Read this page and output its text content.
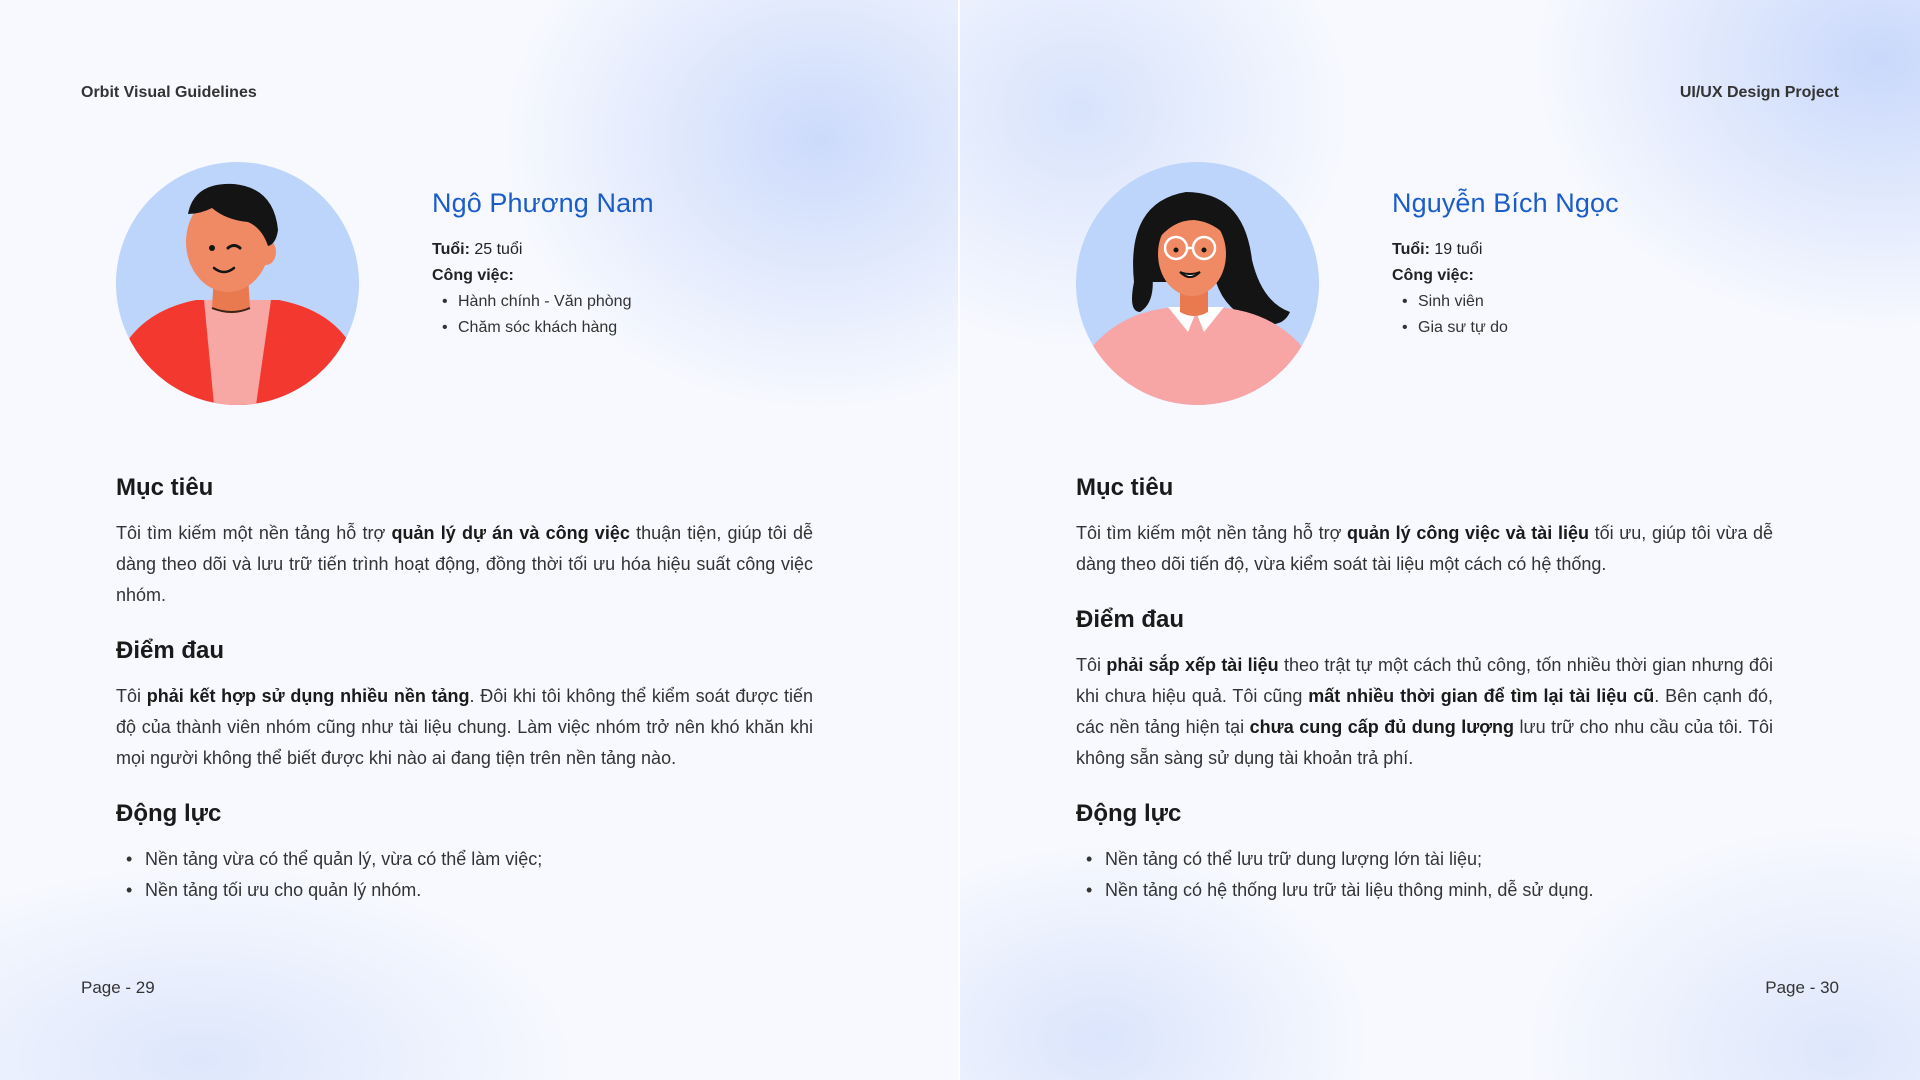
Orbit Visual Guidelines
Ngô Phương Nam
Tuổi: 25 tuổi
Công việc:
• Hành chính - Văn phòng
• Chăm sóc khách hàng
Mục tiêu

Tôi tìm kiếm một nền tảng hỗ trợ quản lý dự án và công việc thuận tiện, giúp tôi dễ dàng theo dõi và lưu trữ tiến trình hoạt động, đồng thời tối ưu hóa hiệu suất công việc nhóm.

Điểm đau

Tôi phải kết hợp sử dụng nhiều nền tảng. Đôi khi tôi không thể kiểm soát được tiến độ của thành viên nhóm cũng như tài liệu chung. Làm việc nhóm trở nên khó khăn khi mọi người không thể biết được khi nào ai đang tiện trên nền tảng nào.

Động lực
• Nền tảng vừa có thể quản lý, vừa có thể làm việc;
• Nền tảng tối ưu cho quản lý nhóm.
Page - 29
UI/UX Design Project
Nguyễn Bích Ngọc
Tuổi: 19 tuổi
Công việc:
• Sinh viên
• Gia sư tự do
Mục tiêu

Tôi tìm kiếm một nền tảng hỗ trợ quản lý công việc và tài liệu tối ưu, giúp tôi vừa dễ dàng theo dõi tiến độ, vừa kiểm soát tài liệu một cách có hệ thống.

Điểm đau

Tôi phải sắp xếp tài liệu theo trật tự một cách thủ công, tốn nhiều thời gian nhưng đôi khi chưa hiệu quả. Tôi cũng mất nhiều thời gian để tìm lại tài liệu cũ. Bên cạnh đó, các nền tảng hiện tại chưa cung cấp đủ dung lượng lưu trữ cho nhu cầu của tôi. Tôi không sẵn sàng sử dụng tài khoản trả phí.

Động lực
• Nền tảng có thể lưu trữ dung lượng lớn tài liệu;
• Nền tảng có hệ thống lưu trữ tài liệu thông minh, dễ sử dụng.
Page - 30
